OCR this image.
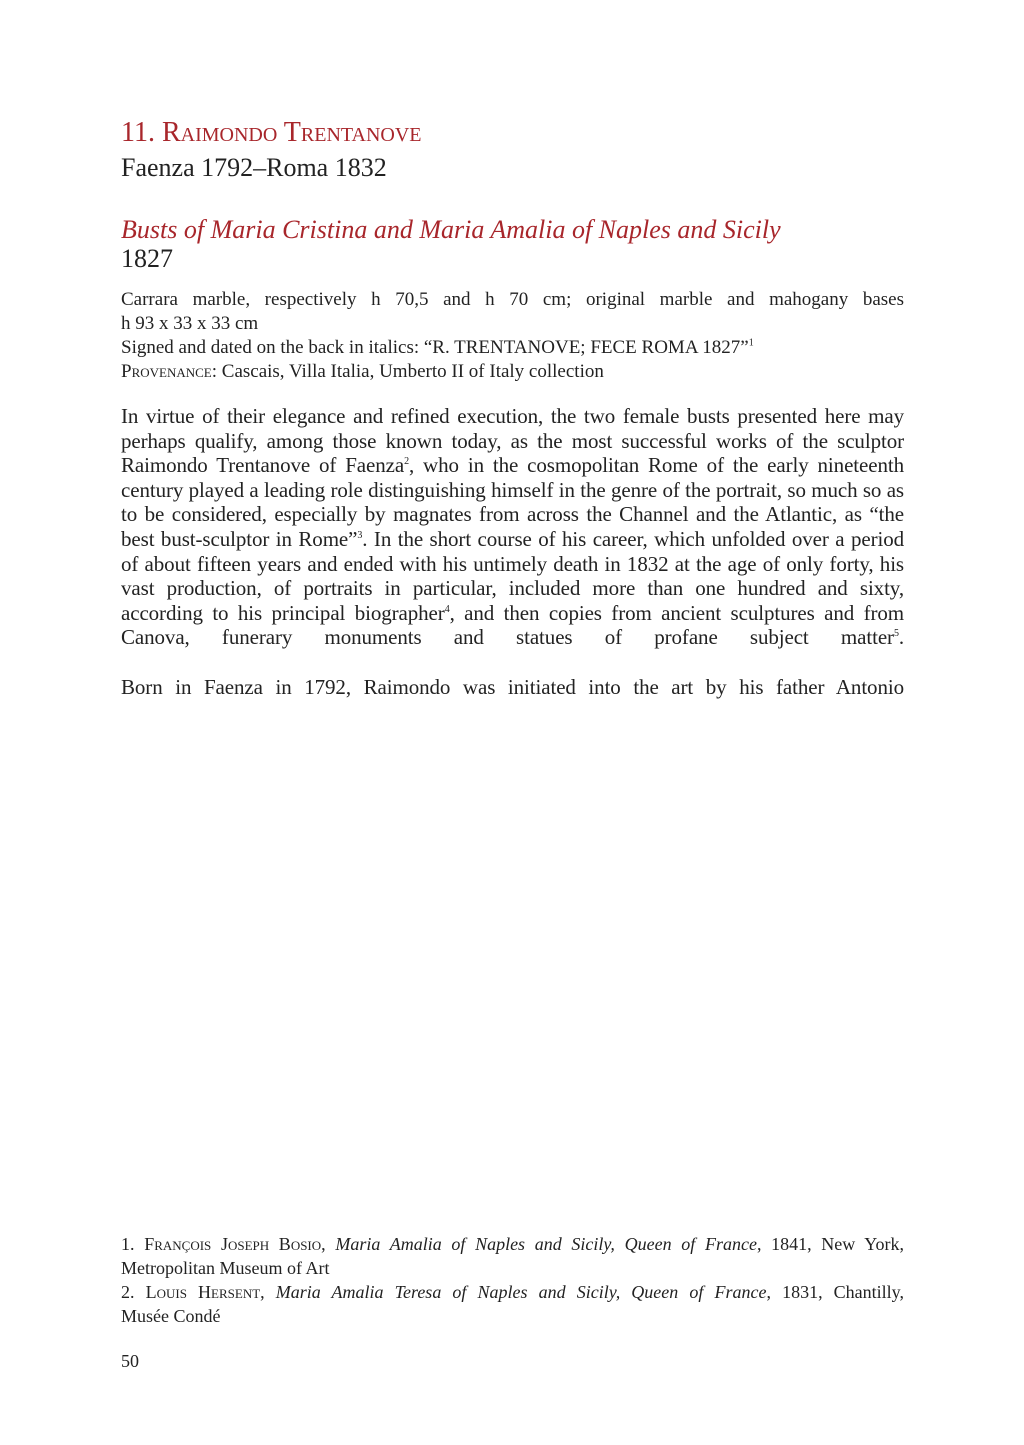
11. Raimondo Trentanove
Faenza 1792–Roma 1832
Busts of Maria Cristina and Maria Amalia of Naples and Sicily
1827
Carrara marble, respectively h 70,5 and h 70 cm; original marble and mahogany bases
h 93 x 33 x 33 cm
Signed and dated on the back in italics: “R. TRENTANOVE; FECE ROMA 1827”$^1$
Provenance: Cascais, Villa Italia, Umberto II of Italy collection

In virtue of their elegance and refined execution, the two female busts presented here may perhaps qualify, among those known today, as the most successful works of the sculptor Raimondo Trentanove of Faenza$^2$, who in the cosmopolitan Rome of the early nineteenth century played a leading role distinguishing himself in the genre of the portrait, so much so as to be considered, especially by magnates from across the Channel and the Atlantic, as “the best bust-sculptor in Rome”$^3$. In the short course of his career, which unfolded over a period of about fifteen years and ended with his untimely death in 1832 at the age of only forty, his vast production, of portraits in particular, included more than one hundred and sixty, according to his principal biographer$^4$, and then copies from ancient sculptures and from Canova, funerary monuments and statues of profane subject matter$^5$.

Born in Faenza in 1792, Raimondo was initiated into the art by his father Antonio

1. François Joseph Bosio, Maria Amalia of Naples and Sicily, Queen of France, 1841, New York,
Metropolitan Museum of Art
2. Louis Hersent, Maria Amalia Teresa of Naples and Sicily, Queen of France, 1831, Chantilly,
Musée Condé
50
